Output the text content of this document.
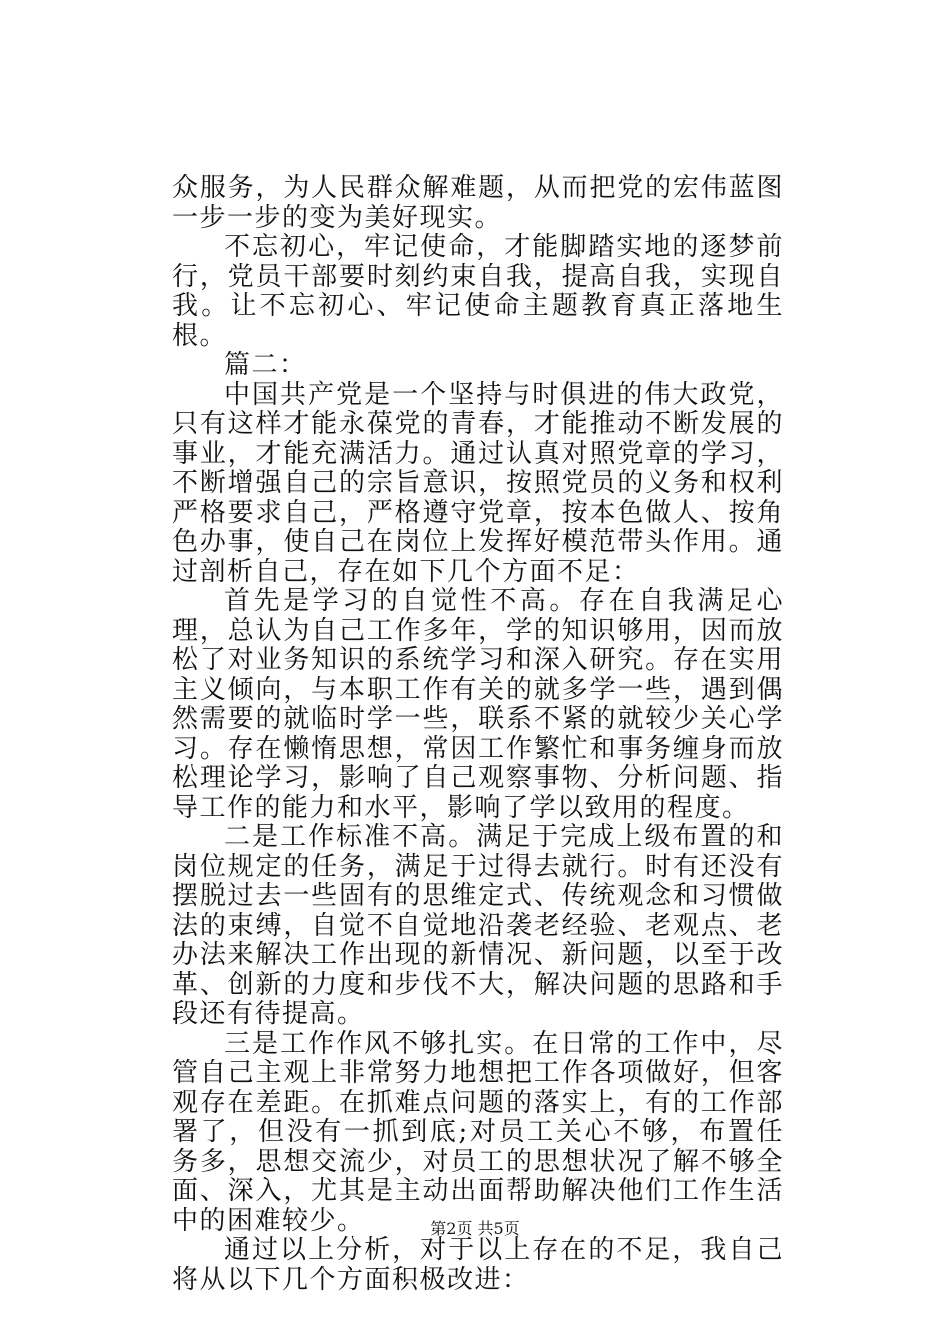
众服务，为人民群众解难题，从而把党的宏伟蓝图一步一步的变为美好现实。

不忘初心，牢记使命，才能脚踏实地的逐梦前行，党员干部要时刻约束自我，提高自我，实现自我。让不忘初心、牢记使命主题教育真正落地生根。

篇二：

中国共产党是一个坚持与时俱进的伟大政党，只有这样才能永葆党的青春，才能推动不断发展的事业，才能充满活力。通过认真对照党章的学习，不断增强自己的宗旨意识，按照党员的义务和权利严格要求自己，严格遵守党章，按本色做人、按角色办事，使自己在岗位上发挥好模范带头作用。通过剖析自己，存在如下几个方面不足：

首先是学习的自觉性不高。存在自我满足心理，总认为自己工作多年，学的知识够用，因而放松了对业务知识的系统学习和深入研究。存在实用主义倾向，与本职工作有关的就多学一些，遇到偶然需要的就临时学一些，联系不紧的就较少关心学习。存在懒惰思想，常因工作繁忙和事务缠身而放松理论学习，影响了自己观察事物、分析问题、指导工作的能力和水平，影响了学以致用的程度。

二是工作标准不高。满足于完成上级布置的和岗位规定的任务，满足于过得去就行。时有还没有摆脱过去一些固有的思维定式、传统观念和习惯做法的束缚，自觉不自觉地沿袭老经验、老观点、老办法来解决工作出现的新情况、新问题，以至于改革、创新的力度和步伐不大，解决问题的思路和手段还有待提高。

三是工作作风不够扎实。在日常的工作中，尽管自己主观上非常努力地想把工作各项做好，但客观存在差距。在抓难点问题的落实上，有的工作部署了，但没有一抓到底;对员工关心不够，布置任务多，思想交流少，对员工的思想状况了解不够全面、深入，尤其是主动出面帮助解决他们工作生活中的困难较少。

通过以上分析，对于以上存在的不足，我自己将从以下几个方面积极改进：

第2页 共5页
